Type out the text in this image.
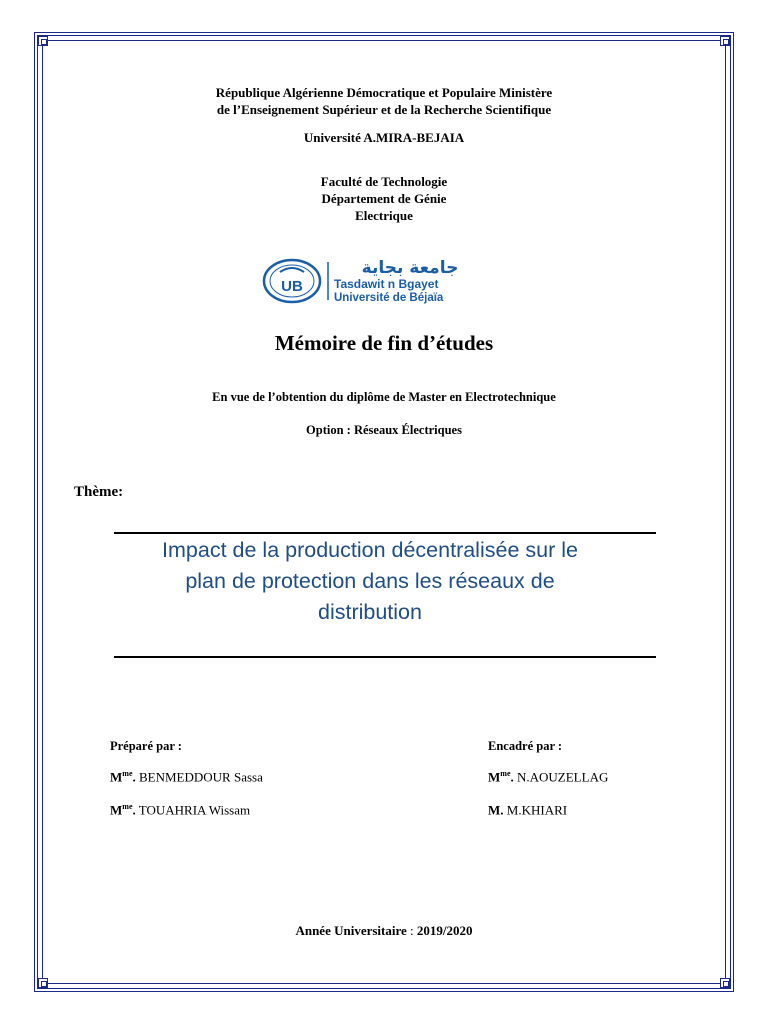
République Algérienne Démocratique et Populaire Ministère
de l’Enseignement Supérieur et de la Recherche Scientifique
Université A.MIRA-BEJAIA
Faculté de Technologie
Département de Génie
Electrique
UB
جامعة بجاية
Tasdawit n Bgayet
Université de Béjaïa
Mémoire de fin d’études
En vue de l’obtention du diplôme de Master en Electrotechnique
Option : Réseaux Électriques
Thème:
Impact de la production décentralisée sur le
plan de protection dans les réseaux de
distribution
Préparé par :	Encadré par :
$M^{me}$. BENMEDDOUR Sassa
$M^{me}$. TOUAHRIA Wissam
$M^{me}$. N.AOUZELLAG
M. M.KHIARI
Année Universitaire : 2019/2020
